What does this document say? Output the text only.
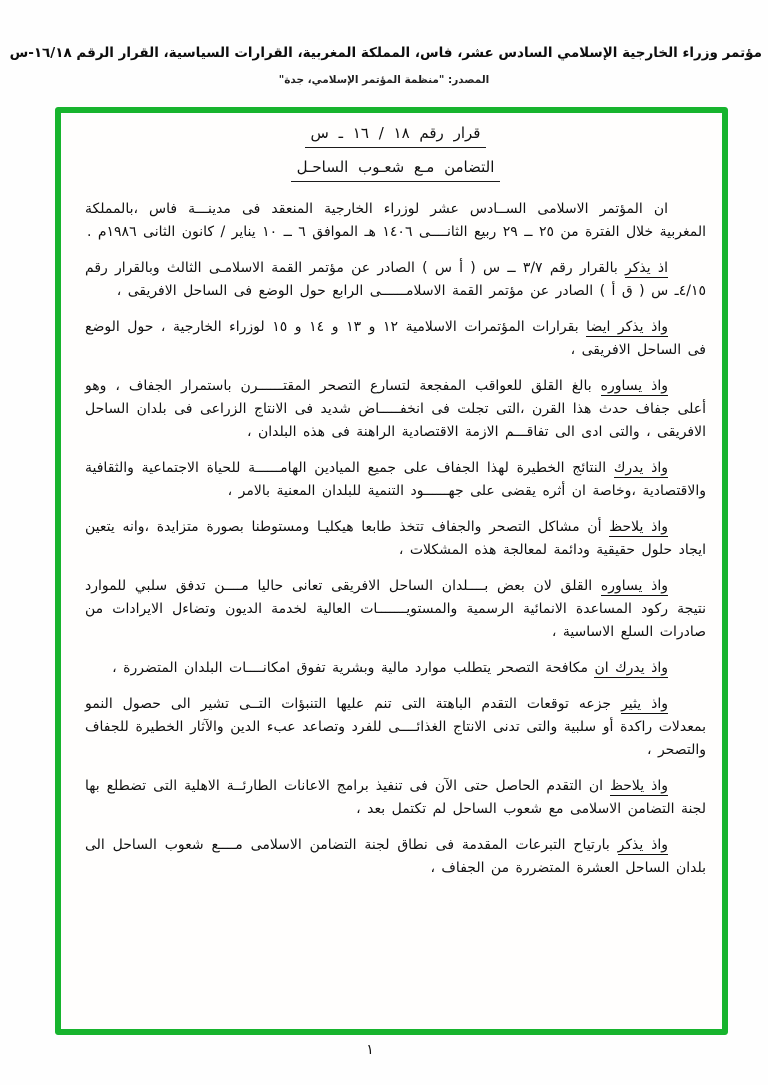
مؤتمر وزراء الخارجية الإسلامي السادس عشر، فاس، المملكة المغربية، القرارات السياسية، القرار الرقم ١٦/١٨-س
المصدر: "منظمة المؤتمر الإسلامي، جدة"
قرار رقم ١٨ / ١٦ ـ س
التضامن مـع شعـوب الساحـل

ان المؤتمر الاسلامى الســادس عشر لوزراء الخارجية المنعقد فى مدينـــة فاس ،بالمملكة المغربية خلال الفترة من ٢٥ ــ ٢٩ ربيع الثانــــى ١٤٠٦ هـ الموافق ٦ ــ ١٠ يناير / كانون الثانى ١٩٨٦م .

اذ يذكر بالقرار رقم ٣/٧ ــ س ( أ س ) الصادر عن مؤتمر القمة الاسلامـى الثالث وبالقرار رقم ٤/١٥ـ س ( ق أ ) الصادر عن مؤتمر القمة الاسلامــــــى الرابع حول الوضع فى الساحل الافريقى ،

واذ يذكر ايضا بقرارات المؤتمرات الاسلامية ١٢ و ١٣ و ١٤ و ١٥ لوزراء الخارجية ، حول الوضع فى الساحل الافريقى ،

واذ يساوره بالغ القلق للعواقب المفجعة لتسارع التصحر المقتــــــرن باستمرار الجفاف ، وهو أعلى جفاف حدث هذا القرن ،التى تجلت فى انخفـــــاض شديد فى الانتاج الزراعى فى بلدان الساحل الافريقى ، والتى ادى الى تفاقـــم الازمة الاقتصادية الراهنة فى هذه البلدان ،

واذ يدرك النتائج الخطيرة لهذا الجفاف على جميع الميادين الهامــــــة للحياة الاجتماعية والثقافية والاقتصادية ،وخاصة ان أثره يقضى على جهــــــود التنمية للبلدان المعنية بالامر ،

واذ يلاحظ أن مشاكل التصحر والجفاف تتخذ طابعا هيكليـا ومستوطنا بصورة متزايدة ،وانه يتعين ايجاد حلول حقيقية ودائمة لمعالجة هذه المشكلات ،

واذ يساوره القلق لان بعض بــــلدان الساحل الافريقى تعانى حاليا مــــن تدفق سلبي للموارد نتيجة ركود المساعدة الانمائية الرسمية والمستويـــــــات العالية لخدمة الديون وتضاءل الايرادات من صادرات السلع الاساسية ،

واذ يدرك ان مكافحة التصحر يتطلب موارد مالية وبشرية تفوق امكانــــات البلدان المتضررة ،

واذ يثير جزعه توقعات التقدم الباهتة التى تنم عليها التنبؤات التــى تشير الى حصول النمو بمعدلات راكدة أو سلبية والتى تدنى الانتاج الغذائــــى للفرد وتصاعد عبء الدين والآثار الخطيرة للجفاف والتصحر ،

واذ يلاحظ ان التقدم الحاصل حتى الآن فى تنفيذ برامج الاعانات الطارئــة الاهلية التى تضطلع بها لجنة التضامن الاسلامى مع شعوب الساحل لم تكتمل بعد ،

واذ يذكر بارتياح التبرعات المقدمة فى نطاق لجنة التضامن الاسلامى مــــع شعوب الساحل الى بلدان الساحل العشرة المتضررة من الجفاف ،

١
